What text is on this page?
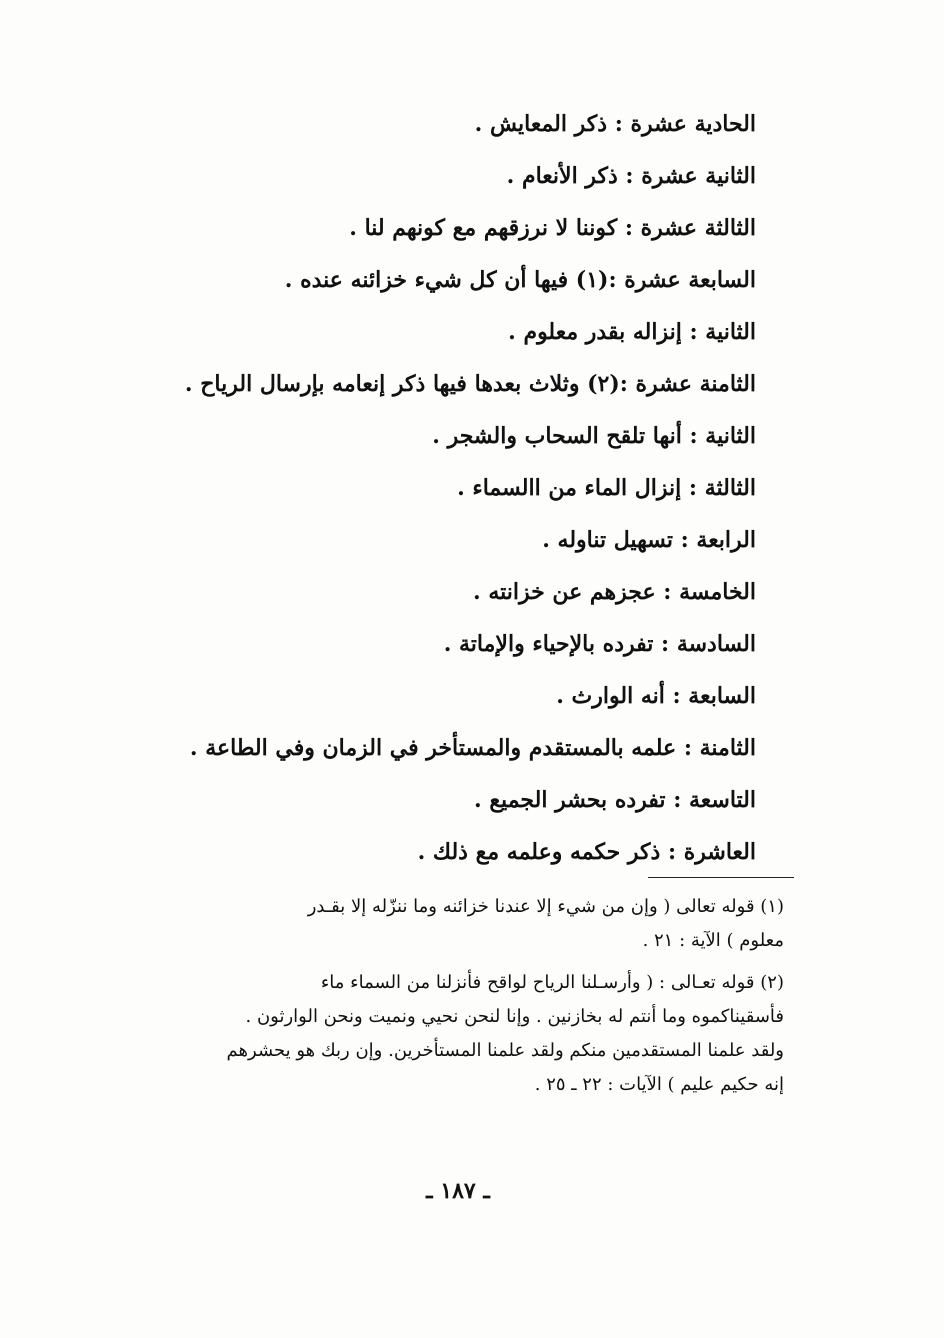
الحادية عشرة : ذكر المعايش .
الثانية عشرة : ذكر الأنعام .
الثالثة عشرة : كوننا لا نرزقهم مع كونهم لنا .
السابعة عشرة :(١) فيها أن كل شيء خزائنه عنده .
الثانية : إنزاله بقدر معلوم .
الثامنة عشرة :(٢) وثلاث بعدها فيها ذكر إنعامه بإرسال الرياح .
الثانية : أنها تلقح السحاب والشجر .
الثالثة : إنزال الماء من االسماء .
الرابعة : تسهيل تناوله .
الخامسة : عجزهم عن خزانته .
السادسة : تفرده بالإحياء والإماتة .
السابعة : أنه الوارث .
الثامنة : علمه بالمستقدم والمستأخر في الزمان وفي الطاعة .
التاسعة : تفرده بحشر الجميع .
العاشرة : ذكر حكمه وعلمه مع ذلك .

(١) قوله تعالى ( وإن من شيء إلا عندنا خزائنه وما ننزّله إلا بقـدر
معلوم ) الآية : ٢١ .

(٢) قوله تعـالى : ( وأرسـلنا الرياح لواقح فأنزلنا من السماء ماء
فأسقيناكموه وما أنتم له بخازنين . وإنا لنحن نحيي ونميت ونحن الوارثون .
ولقد علمنا المستقدمين منكم ولقد علمنا المستأخرين. وإن ربك هو يحشرهم
إنه حكيم عليم ) الآيات : ٢٢ ـ ٢٥ .

ـ ١٨٧ ـ
